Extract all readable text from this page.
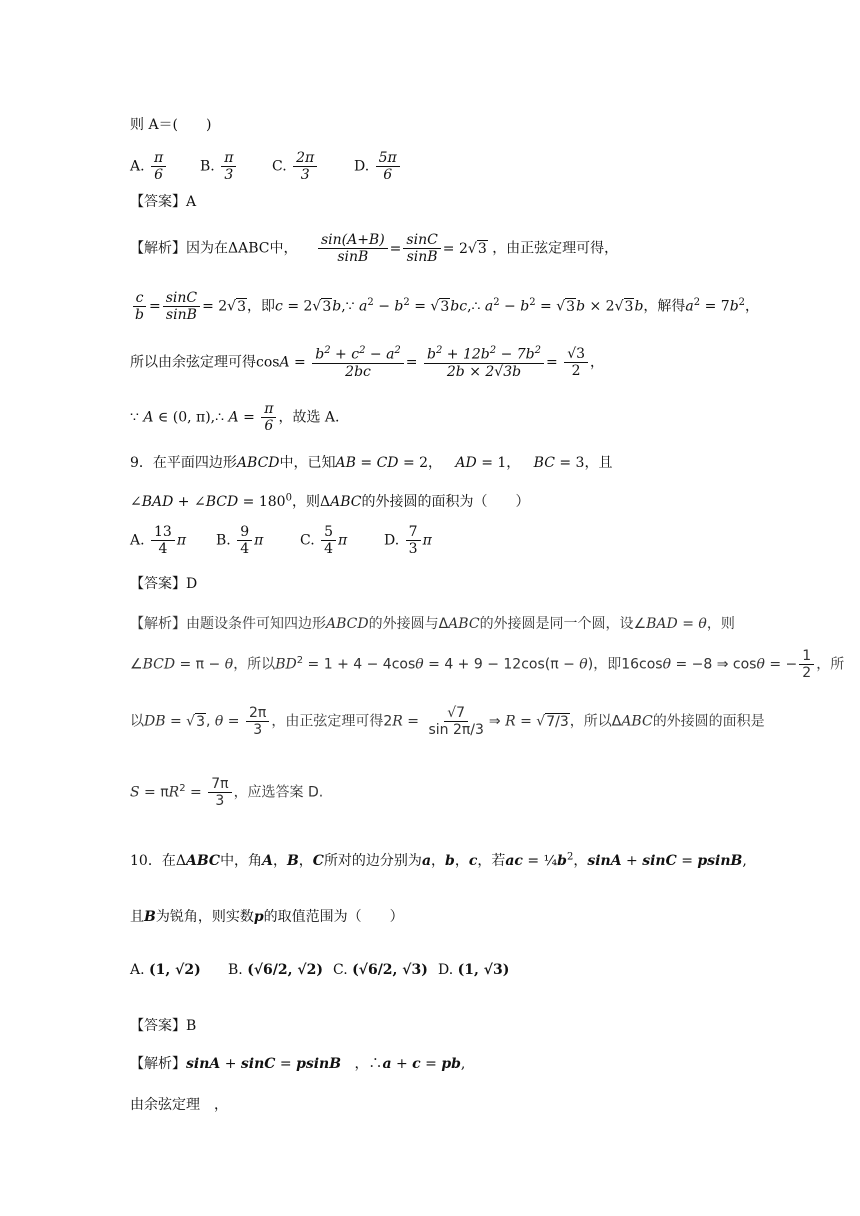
则 A＝(　　)
A. $\frac{\pi}{6} B$. $\frac{\pi}{3}$	C. $\frac{2\pi}{3}$	D. $\frac{5\pi}{6}$
【答案】A
【解析】因为在ΔABC中， $\frac{\sin(A+B)}{\sin B} = \frac{\sin C}{\sin B} = 2√3$ ，由正弦定理可得，
$\frac{c}{b} = \frac{\sin C}{\sin B} = 2√3$，即c = 2√3b,∵ $a^2 - b^2$ = √3bc,∴ $a^2 - b^2 = √3b \times 2√3b$，解得$a^2 = 7b^2$，
所以由余弦定理可得$\cos A = \frac{b^2 + c^2 - a^2}{2bc} = \frac{b^2 + 12b^2 - 7b^2}{2b \times 2√3b} = \frac{√3}{2}$ ，
∵ A ∈ (0, π),∴ $A = \frac{\pi}{6}$ ，故选 A.
9．在平面四边形ABCD中，已知AB = CD = 2，   AD = 1，   BC = 3，且
∠BAD + ∠BCD = $180^0$，则ΔABC的外接圆的面积为（　　）
A. $\frac{13}{4}$ π B. $\frac{9}{4}$ π	C. $\frac{5}{4}$ π	D. $\frac{7}{3}$ π
【答案】D
【解析】由题设条件可知四边形ABCD的外接圆与ΔABC的外接圆是同一个圆，设∠BAD = θ，则
∠BCD = π − θ，所以$BD^2 = 1 + 4 - 4\cos\theta = 4 + 9 - 12\cos(\pi - \theta)$，即16cosθ = −8 ⇒ cosθ = − $\frac{1}{2}$ ，所
以DB = √3, $\theta = \frac{2\pi}{3}$ ，由正弦定理可得$2R = \frac{√7}{\sin 2\pi/3}$ ⇒ R = √7/3，所以ΔABC的外接圆的面积是
$S = \pi R^2 = \frac{7\pi}{3}$ ，应选答案 D.
10．在ΔABC中，角A，B，C所对的边分别为a，b，c，若ac = $\frac{1}{4}b^2$，sinA + sinC = psinB,
且B为锐角，则实数p的取值范围为（　　）
A. (1, √2) B. (√6/2, √2) C. (√6/2, √3) D. (1, √3)
【答案】B
【解析】sinA + sinC = psinB ，∴a + c = pb,
由余弦定理　，
